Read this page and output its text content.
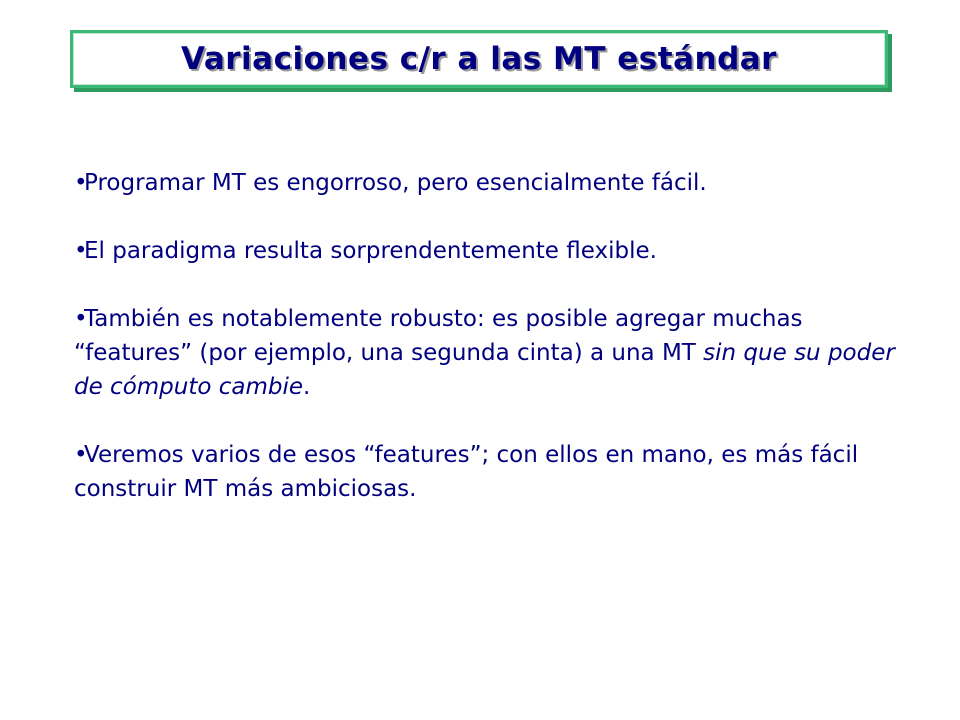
Variaciones c/r a las MT estándar
•Programar MT es engorroso, pero esencialmente fácil.
•El paradigma resulta sorprendentemente flexible.
•También es notablemente robusto: es posible agregar muchas “features” (por ejemplo, una segunda cinta) a una MT sin que su poder de cómputo cambie.
•Veremos varios de esos “features”; con ellos en mano, es más fácil construir MT más ambiciosas.
